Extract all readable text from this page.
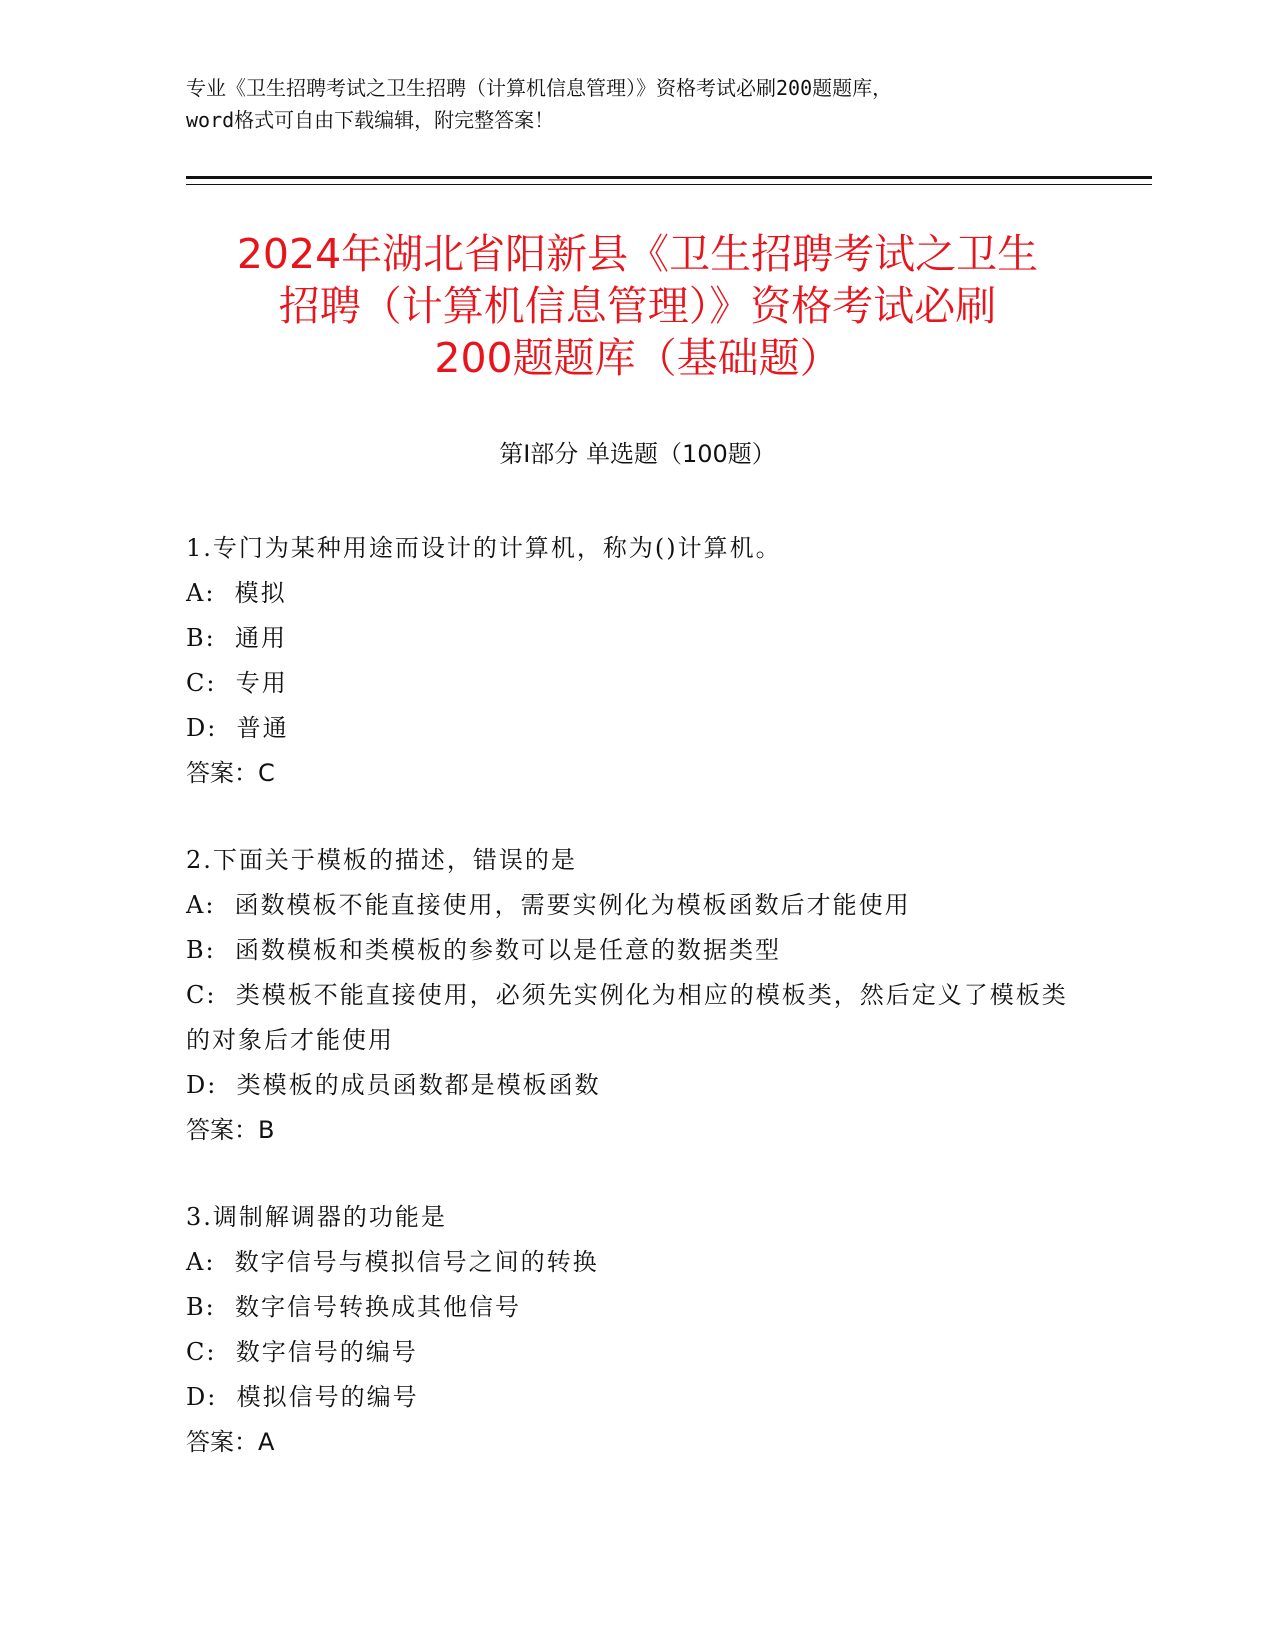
专业《卫生招聘考试之卫生招聘（计算机信息管理）》资格考试必刷200题题库，
word格式可自由下载编辑，附完整答案！
2024年湖北省阳新县《卫生招聘考试之卫生
招聘（计算机信息管理）》资格考试必刷
200题题库（基础题）
第Ⅰ部分 单选题（100题）
1.专门为某种用途而设计的计算机，称为()计算机。
A:  模拟
B:  通用
C:  专用
D:  普通
答案：C
2.下面关于模板的描述，错误的是
A:  函数模板不能直接使用，需要实例化为模板函数后才能使用
B:  函数模板和类模板的参数可以是任意的数据类型
C:  类模板不能直接使用，必须先实例化为相应的模板类，然后定义了模板类的对象后才能使用
D:  类模板的成员函数都是模板函数
答案：B
3.调制解调器的功能是
A:  数字信号与模拟信号之间的转换
B:  数字信号转换成其他信号
C:  数字信号的编号
D:  模拟信号的编号
答案：A
